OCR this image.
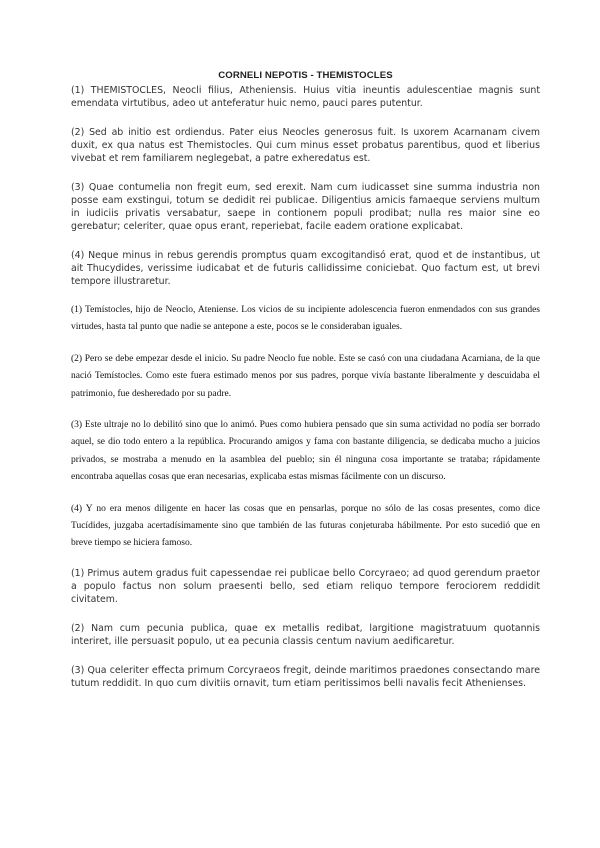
CORNELI NEPOTIS - THEMISTOCLES

(1) THEMISTOCLES, Neocli filius, Atheniensis. Huius vitia ineuntis adulescentiae magnis sunt emendata virtutibus, adeo ut anteferatur huic nemo, pauci pares putentur.

(2) Sed ab initio est ordiendus. Pater eius Neocles generosus fuit. Is uxorem Acarnanam civem duxit, ex qua natus est Themistocles. Qui cum minus esset probatus parentibus, quod et liberius vivebat et rem familiarem neglegebat, a patre exheredatus est.

(3) Quae contumelia non fregit eum, sed erexit. Nam cum iudicasset sine summa industria non posse eam exstingui, totum se dedidit rei publicae. Diligentius amicis famaeque serviens multum in iudiciis privatis versabatur, saepe in contionem populi prodibat; nulla res maior sine eo gerebatur; celeriter, quae opus erant, reperiebat, facile eadem oratione explicabat.

(4) Neque minus in rebus gerendis promptus quam excogitandisó erat, quod et de instantibus, ut ait Thucydides, verissime iudicabat et de futuris callidissime coniciebat. Quo factum est, ut brevi tempore illustraretur.

(1) Temístocles, hijo de Neoclo, Ateniense. Los vicios de su incipiente adolescencia fueron enmendados con sus grandes virtudes, hasta tal punto que nadie se antepone a este, pocos se le consideraban iguales.

(2) Pero se debe empezar desde el inicio. Su padre Neoclo fue noble. Este se casó con una ciudadana Acarniana, de la que nació Temístocles. Como este fuera estimado menos por sus padres, porque vivía bastante liberalmente y descuidaba el patrimonio, fue desheredado por su padre.

(3) Este ultraje no lo debilitó sino que lo animó. Pues como hubiera pensado que sin suma actividad no podía ser borrado aquel, se dio todo entero a la república. Procurando amigos y fama con bastante diligencia, se dedicaba mucho a juicios privados, se mostraba a menudo en la asamblea del pueblo; sin él ninguna cosa importante se trataba; rápidamente encontraba aquellas cosas que eran necesarias, explicaba estas mismas fácilmente con un discurso.

(4) Y no era menos diligente en hacer las cosas que en pensarlas, porque no sólo de las cosas presentes, como dice Tucídides, juzgaba acertadísimamente sino que también de las futuras conjeturaba hábilmente. Por esto sucedió que en breve tiempo se hiciera famoso.

(1) Primus autem gradus fuit capessendae rei publicae bello Corcyraeo; ad quod gerendum praetor a populo factus non solum praesenti bello, sed etiam reliquo tempore ferociorem reddidit civitatem.

(2) Nam cum pecunia publica, quae ex metallis redibat, largitione magistratuum quotannis interiret, ille persuasit populo, ut ea pecunia classis centum navium aedificaretur.

(3) Qua celeriter effecta primum Corcyraeos fregit, deinde maritimos praedones consectando mare tutum reddidit. In quo cum divitiis ornavit, tum etiam peritissimos belli navalis fecit Athenienses.
